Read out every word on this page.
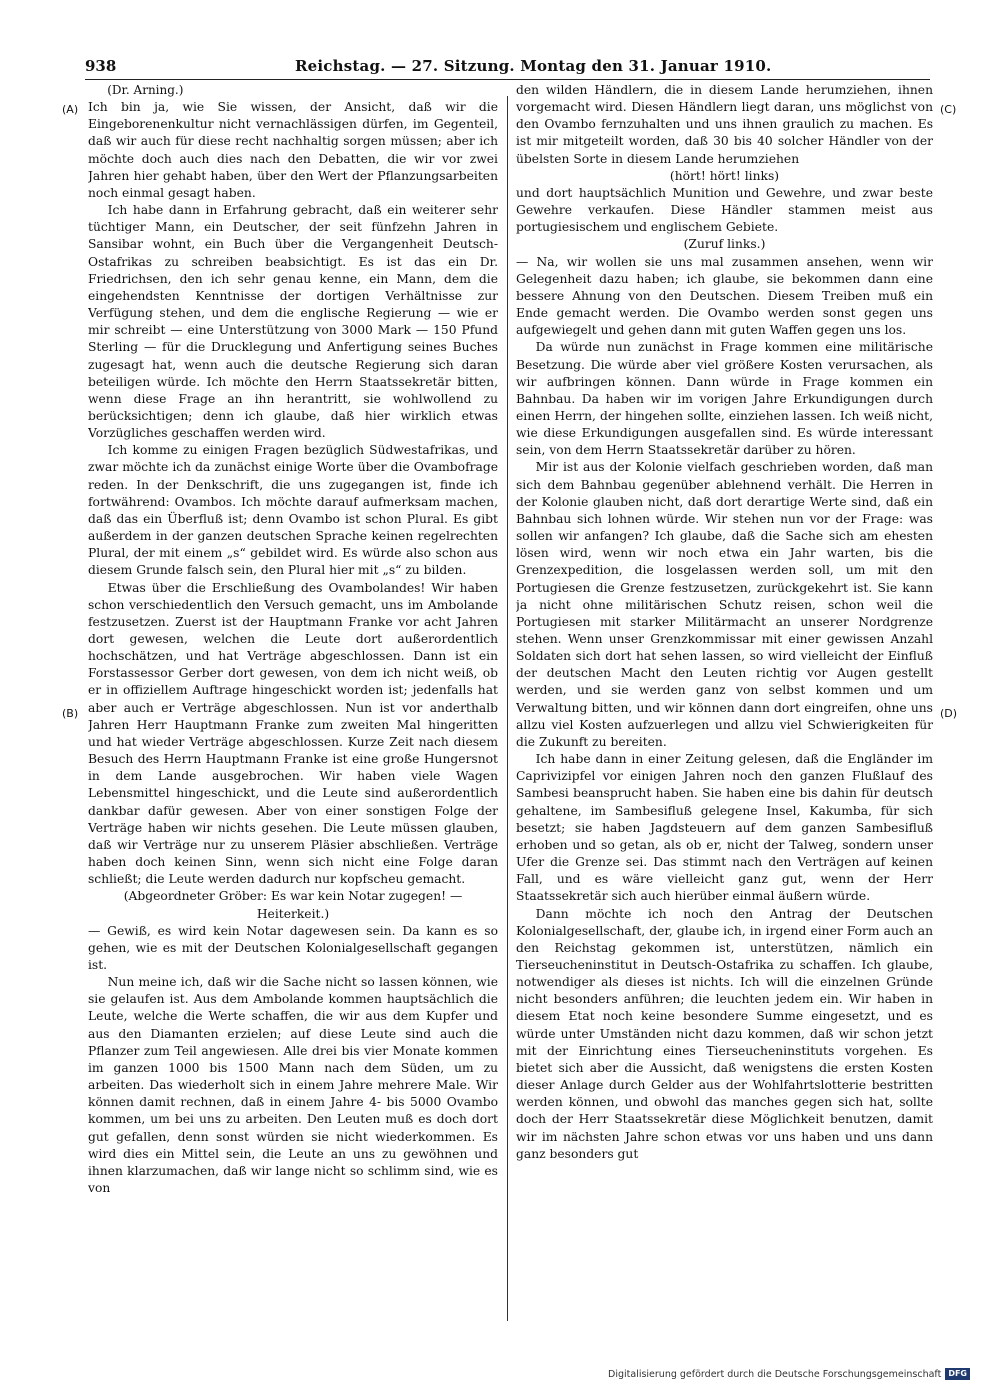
938	Reichstag. — 27. Sitzung. Montag den 31. Januar 1910.
(A)
(B)
(C)
(D)

(Dr. Arning.)

Ich bin ja, wie Sie wissen, der Ansicht, daß wir die Eingeborenenkultur nicht vernachlässigen dürfen, im Gegenteil, daß wir auch für diese recht nachhaltig sorgen müssen; aber ich möchte doch auch dies nach den Debatten, die wir vor zwei Jahren hier gehabt haben, über den Wert der Pflanzungsarbeiten noch einmal gesagt haben.

Ich habe dann in Erfahrung gebracht, daß ein weiterer sehr tüchtiger Mann, ein Deutscher, der seit fünfzehn Jahren in Sansibar wohnt, ein Buch über die Vergangenheit Deutsch-Ostafrikas zu schreiben beabsichtigt. Es ist das ein Dr. Friedrichsen, den ich sehr genau kenne, ein Mann, dem die eingehendsten Kenntnisse der dortigen Verhältnisse zur Verfügung stehen, und dem die englische Regierung — wie er mir schreibt — eine Unterstützung von 3000 Mark — 150 Pfund Sterling — für die Drucklegung und Anfertigung seines Buches zugesagt hat, wenn auch die deutsche Regierung sich daran beteiligen würde. Ich möchte den Herrn Staatssekretär bitten, wenn diese Frage an ihn herantritt, sie wohlwollend zu berücksichtigen; denn ich glaube, daß hier wirklich etwas Vorzügliches geschaffen werden wird.

Ich komme zu einigen Fragen bezüglich Südwestafrikas, und zwar möchte ich da zunächst einige Worte über die Ovambofrage reden. In der Denkschrift, die uns zugegangen ist, finde ich fortwährend: Ovambos. Ich möchte darauf aufmerksam machen, daß das ein Überfluß ist; denn Ovambo ist schon Plural. Es gibt außerdem in der ganzen deutschen Sprache keinen regelrechten Plural, der mit einem „s“ gebildet wird. Es würde also schon aus diesem Grunde falsch sein, den Plural hier mit „s“ zu bilden.

Etwas über die Erschließung des Ovambolandes! Wir haben schon verschiedentlich den Versuch gemacht, uns im Ambolande festzusetzen. Zuerst ist der Hauptmann Franke vor acht Jahren dort gewesen, welchen die Leute dort außerordentlich hochschätzen, und hat Verträge abgeschlossen. Dann ist ein Forstassessor Gerber dort gewesen, von dem ich nicht weiß, ob er in offiziellem Auftrage hingeschickt worden ist; jedenfalls hat aber auch er Verträge abgeschlossen. Nun ist vor anderthalb Jahren Herr Hauptmann Franke zum zweiten Mal hingeritten und hat wieder Verträge abgeschlossen. Kurze Zeit nach diesem Besuch des Herrn Hauptmann Franke ist eine große Hungersnot in dem Lande ausgebrochen. Wir haben viele Wagen Lebensmittel hingeschickt, und die Leute sind außerordentlich dankbar dafür gewesen. Aber von einer sonstigen Folge der Verträge haben wir nichts gesehen. Die Leute müssen glauben, daß wir Verträge nur zu unserem Pläsier abschließen. Verträge haben doch keinen Sinn, wenn sich nicht eine Folge daran schließt; die Leute werden dadurch nur kopfscheu gemacht.

(Abgeordneter Gröber: Es war kein Notar zugegen! — Heiterkeit.)

— Gewiß, es wird kein Notar dagewesen sein. Da kann es so gehen, wie es mit der Deutschen Kolonialgesellschaft gegangen ist.

Nun meine ich, daß wir die Sache nicht so lassen können, wie sie gelaufen ist. Aus dem Ambolande kommen hauptsächlich die Leute, welche die Werte schaffen, die wir aus dem Kupfer und aus den Diamanten erzielen; auf diese Leute sind auch die Pflanzer zum Teil angewiesen. Alle drei bis vier Monate kommen im ganzen 1000 bis 1500 Mann nach dem Süden, um zu arbeiten. Das wiederholt sich in einem Jahre mehrere Male. Wir können damit rechnen, daß in einem Jahre 4- bis 5000 Ovambo kommen, um bei uns zu arbeiten. Den Leuten muß es doch dort gut gefallen, denn sonst würden sie nicht wiederkommen. Es wird dies ein Mittel sein, die Leute an uns zu gewöhnen und ihnen klarzumachen, daß wir lange nicht so schlimm sind, wie es von

den wilden Händlern, die in diesem Lande herumziehen, ihnen vorgemacht wird. Diesen Händlern liegt daran, uns möglichst von den Ovambo fernzuhalten und uns ihnen graulich zu machen. Es ist mir mitgeteilt worden, daß 30 bis 40 solcher Händler von der übelsten Sorte in diesem Lande herumziehen

(hört! hört! links)

und dort hauptsächlich Munition und Gewehre, und zwar beste Gewehre verkaufen. Diese Händler stammen meist aus portugiesischem und englischem Gebiete.

(Zuruf links.)

— Na, wir wollen sie uns mal zusammen ansehen, wenn wir Gelegenheit dazu haben; ich glaube, sie bekommen dann eine bessere Ahnung von den Deutschen. Diesem Treiben muß ein Ende gemacht werden. Die Ovambo werden sonst gegen uns aufgewiegelt und gehen dann mit guten Waffen gegen uns los.

Da würde nun zunächst in Frage kommen eine militärische Besetzung. Die würde aber viel größere Kosten verursachen, als wir aufbringen können. Dann würde in Frage kommen ein Bahnbau. Da haben wir im vorigen Jahre Erkundigungen durch einen Herrn, der hingehen sollte, einziehen lassen. Ich weiß nicht, wie diese Erkundigungen ausgefallen sind. Es würde interessant sein, von dem Herrn Staatssekretär darüber zu hören.

Mir ist aus der Kolonie vielfach geschrieben worden, daß man sich dem Bahnbau gegenüber ablehnend verhält. Die Herren in der Kolonie glauben nicht, daß dort derartige Werte sind, daß ein Bahnbau sich lohnen würde. Wir stehen nun vor der Frage: was sollen wir anfangen? Ich glaube, daß die Sache sich am ehesten lösen wird, wenn wir noch etwa ein Jahr warten, bis die Grenzexpedition, die losgelassen werden soll, um mit den Portugiesen die Grenze festzusetzen, zurückgekehrt ist. Sie kann ja nicht ohne militärischen Schutz reisen, schon weil die Portugiesen mit starker Militärmacht an unserer Nordgrenze stehen. Wenn unser Grenzkommissar mit einer gewissen Anzahl Soldaten sich dort hat sehen lassen, so wird vielleicht der Einfluß der deutschen Macht den Leuten richtig vor Augen gestellt werden, und sie werden ganz von selbst kommen und um Verwaltung bitten, und wir können dann dort eingreifen, ohne uns allzu viel Kosten aufzuerlegen und allzu viel Schwierigkeiten für die Zukunft zu bereiten.

Ich habe dann in einer Zeitung gelesen, daß die Engländer im Caprivizipfel vor einigen Jahren noch den ganzen Flußlauf des Sambesi beansprucht haben. Sie haben eine bis dahin für deutsch gehaltene, im Sambesifluß gelegene Insel, Kakumba, für sich besetzt; sie haben Jagdsteuern auf dem ganzen Sambesifluß erhoben und so getan, als ob er, nicht der Talweg, sondern unser Ufer die Grenze sei. Das stimmt nach den Verträgen auf keinen Fall, und es wäre vielleicht ganz gut, wenn der Herr Staatssekretär sich auch hierüber einmal äußern würde.

Dann möchte ich noch den Antrag der Deutschen Kolonialgesellschaft, der, glaube ich, in irgend einer Form auch an den Reichstag gekommen ist, unterstützen, nämlich ein Tierseucheninstitut in Deutsch-Ostafrika zu schaffen. Ich glaube, notwendiger als dieses ist nichts. Ich will die einzelnen Gründe nicht besonders anführen; die leuchten jedem ein. Wir haben in diesem Etat noch keine besondere Summe eingesetzt, und es würde unter Umständen nicht dazu kommen, daß wir schon jetzt mit der Einrichtung eines Tierseucheninstituts vorgehen. Es bietet sich aber die Aussicht, daß wenigstens die ersten Kosten dieser Anlage durch Gelder aus der Wohlfahrtslotterie bestritten werden können, und obwohl das manches gegen sich hat, sollte doch der Herr Staatssekretär diese Möglichkeit benutzen, damit wir im nächsten Jahre schon etwas vor uns haben und uns dann ganz besonders gut

Digitalisierung gefördert durch die Deutsche Forschungsgemeinschaft DFG
